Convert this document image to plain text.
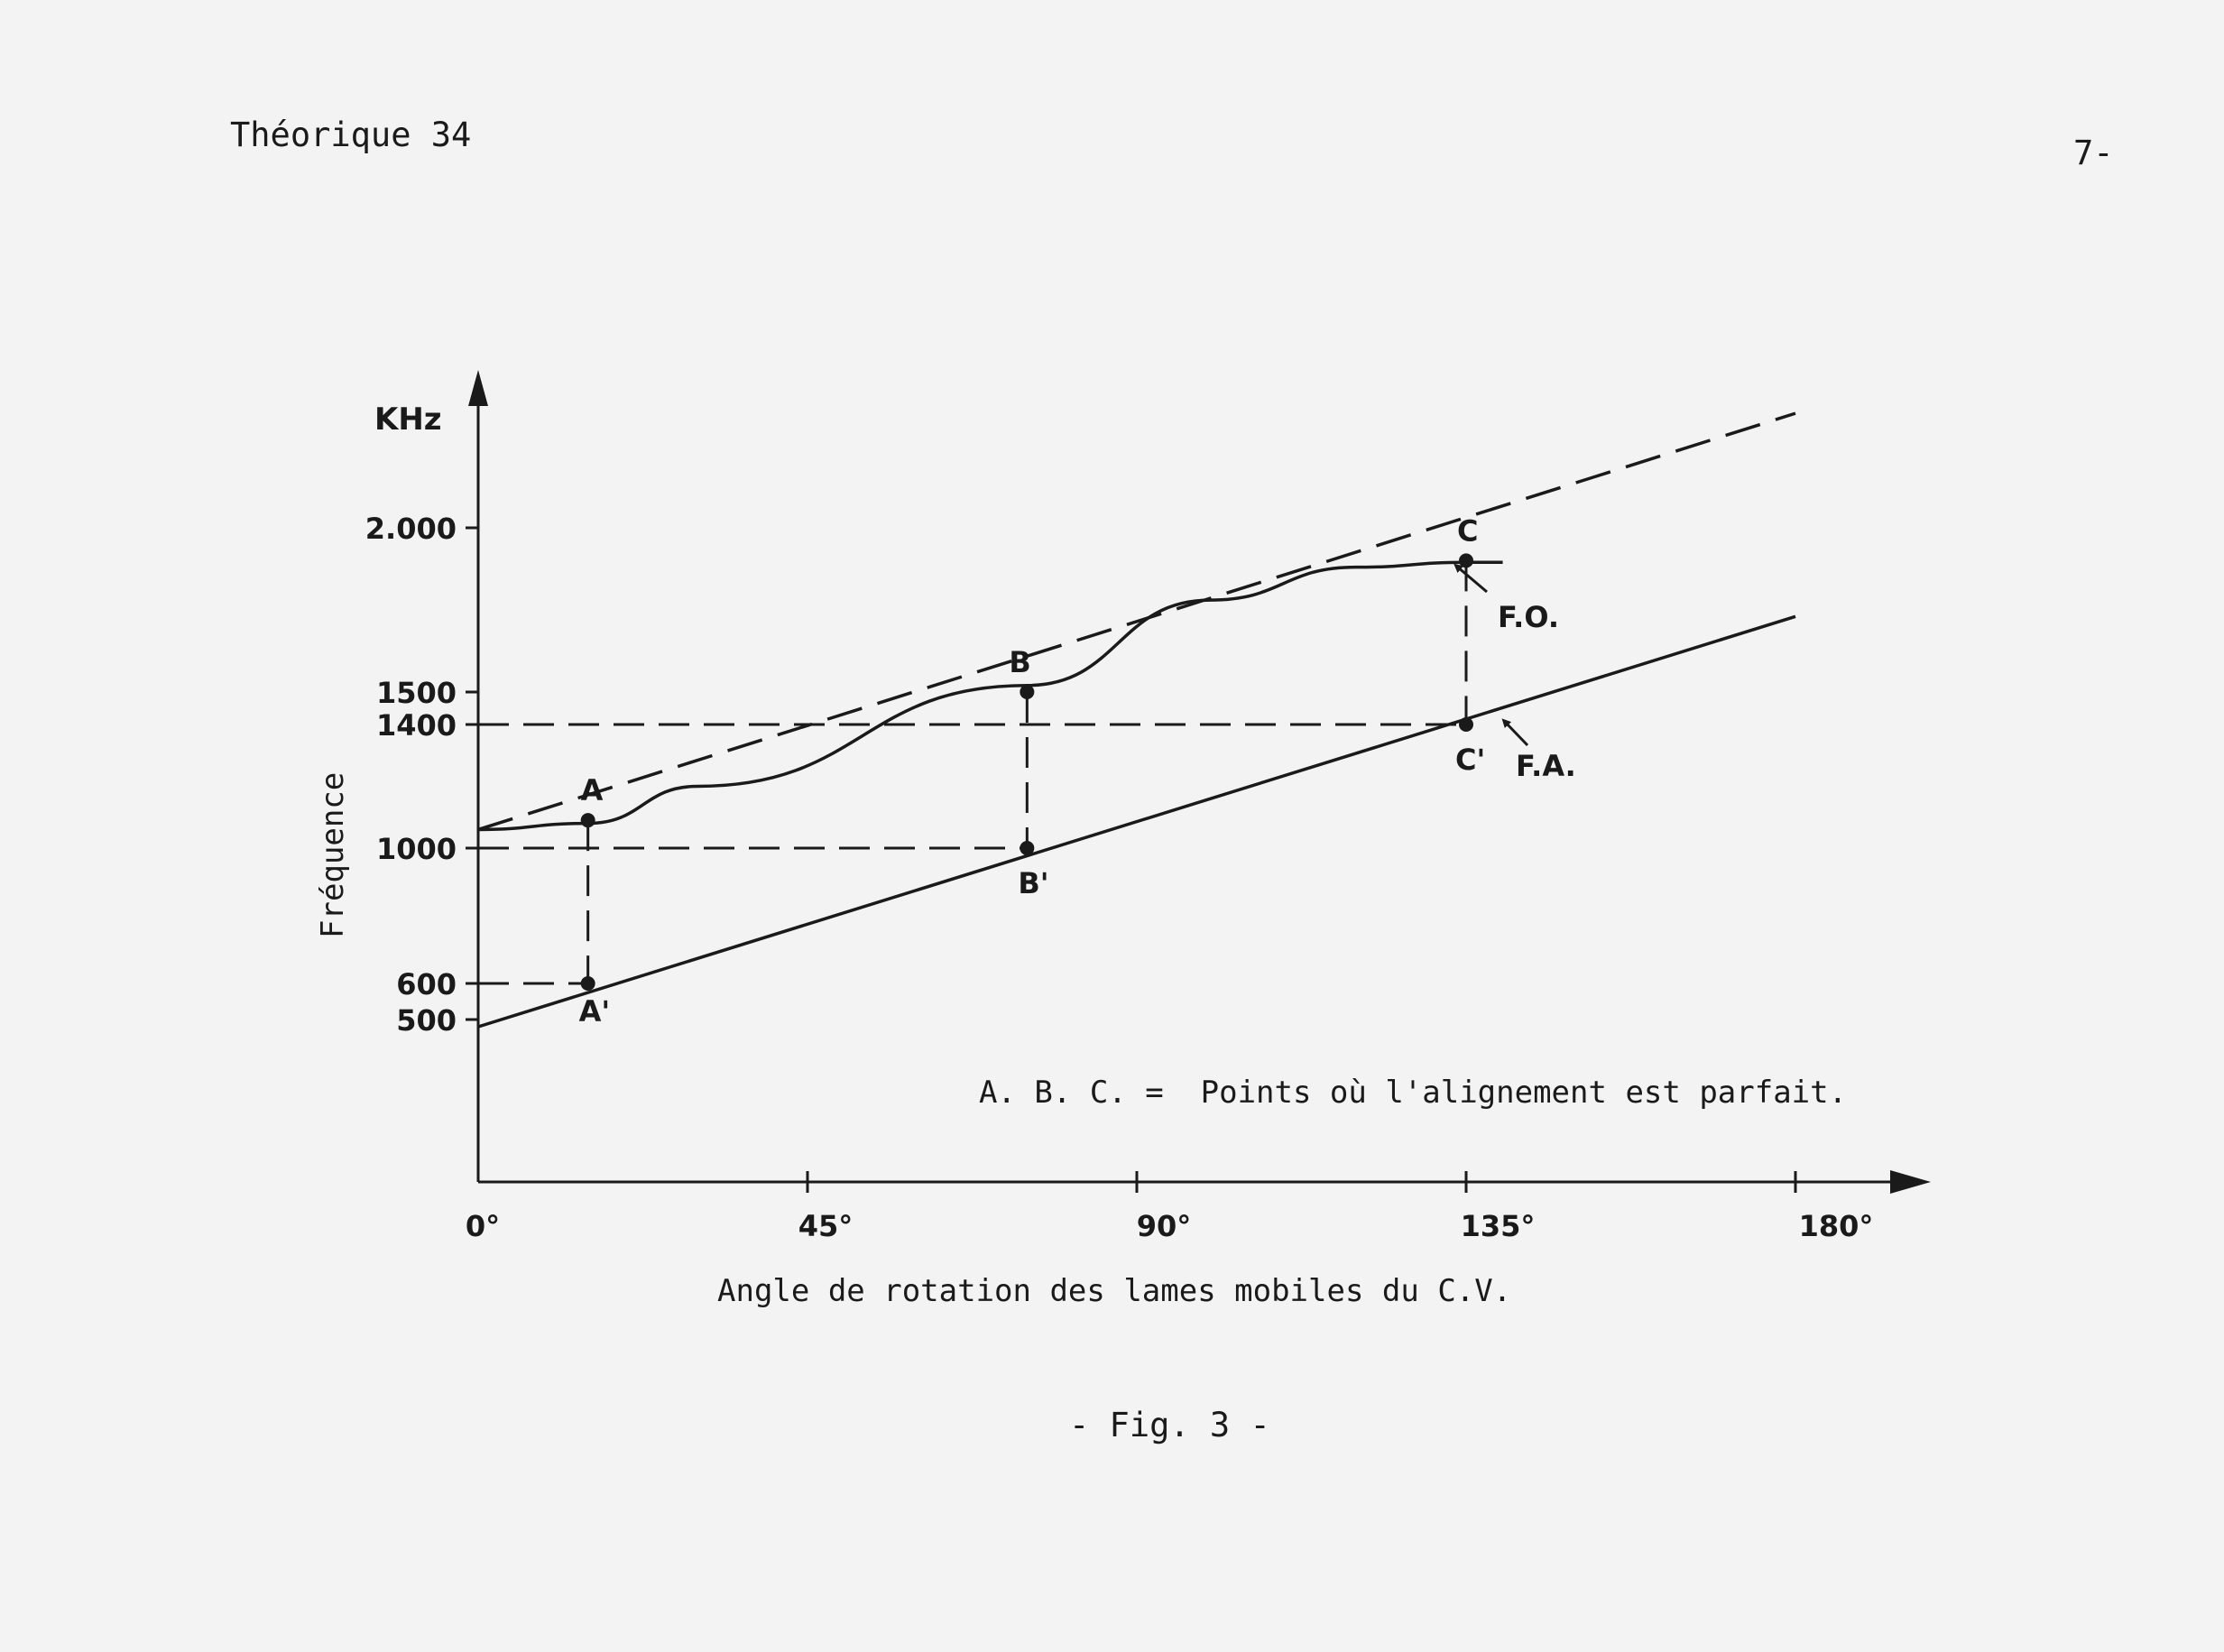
Théorique 34	7-
2.000
1500
1400
1000
600
500
0°	45°	90°	135°	180°
KHz
Fréquence
Angle de rotation des lames mobiles du C.V.
A
B
C
A'
B'
C'
F.O.
F.A.
A. B. C. =  Points où l'alignement est parfait.
- Fig. 3 -
